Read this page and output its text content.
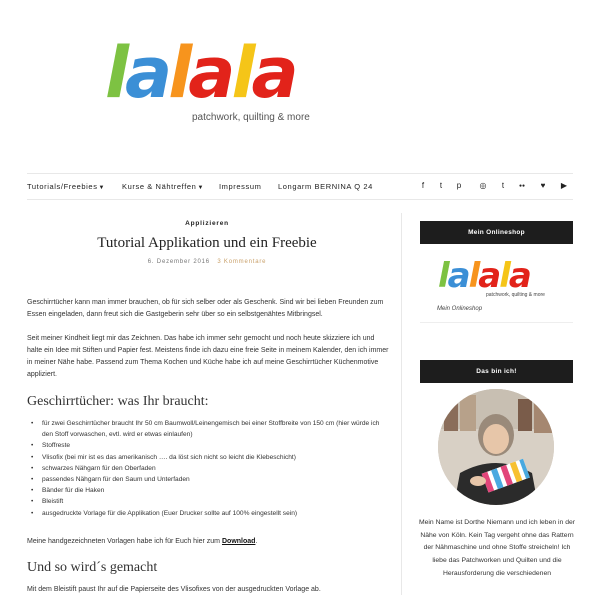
lalala
patchwork, quilting & more
Tutorials/Freebies▼ Kurse & Nähtreffen▼ Impressum Longarm BERNINA Q 24	f	t	p	◎	t	●●	♥	▶
Applizieren
Tutorial Applikation und ein Freebie
6. Dezember 2016 3 Kommentare
Geschirrtücher kann man immer brauchen, ob für sich selber oder als Geschenk. Sind wir bei lieben Freunden zum Essen eingeladen, dann freut sich die Gastgeberin sehr über so ein selbstgenähtes Mitbringsel.
Seit meiner Kindheit liegt mir das Zeichnen. Das habe ich immer sehr gemocht und noch heute skizziere ich und halte ein Idee mit Stiften und Papier fest. Meistens finde ich dazu eine freie Seite in meinem Kalender, den ich immer in meiner Nähe habe. Passend zum Thema Kochen und Küche habe ich auf meine Geschirrtücher Küchenmotive appliziert.
Geschirrtücher: was Ihr braucht:
• für zwei Geschirrtücher braucht Ihr 50 cm Baumwoll/Leinengemisch bei einer Stoffbreite von 150 cm (hier würde ich den Stoff vorwaschen, evtl. wird er etwas einlaufen)
• Stoffreste
• Vlisofix (bei mir ist es das amerikanisch …. da löst sich nicht so leicht die Klebeschicht)
• schwarzes Nähgarn für den Oberfaden
• passendes Nähgarn für den Saum und Unterfaden
• Bänder für die Haken
• Bleistift
• ausgedruckte Vorlage für die Applikation (Euer Drucker sollte auf 100% eingestellt sein)
Meine handgezeichneten Vorlagen habe ich für Euch hier zum Download.
Und so wird´s gemacht
Mit dem Bleistift paust Ihr auf die Papierseite des Vlisofixes von der ausgedruckten Vorlage ab.
Mein Onlineshop
lalala
patchwork, quilting & more
Mein Onlineshop
Das bin ich!
Mein Name ist Dorthe Niemann und ich leben in der Nähe von Köln. Kein Tag vergeht ohne das Rattern der Nähmaschine und ohne Stoffe streicheln! Ich liebe das Patchworken und Quilten und die Herausforderung die verschiedenen
